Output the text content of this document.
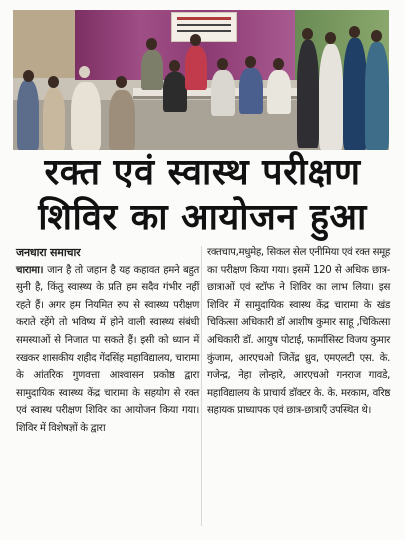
रक्त एवं स्वास्थ परीक्षण
शिविर का आयोजन हुआ
जनधारा समाचार
चारामा। जान है तो जहान है यह कहावत हमने बहुत सुनी है, किंतु स्वास्थ्य के प्रति हम सदैव गंभीर नहीं रहते हैं। अगर हम नियमित रुप से स्वास्थ्य परीक्षण कराते रहेंगे तो भविष्य में होने वाली स्वास्थ्य संबंधी समस्याओं से निजात पा सकते हैं। इसी को ध्यान में रखकर शासकीय शहीद गेंदसिंह महाविद्यालय, चारामा के आंतरिक गुणवत्ता आश्वासन प्रकोष्ठ द्वारा सामुदायिक स्वास्थ्य केंद्र चारामा के सहयोग से रक्त एवं स्वास्थ परीक्षण शिविर का आयोजन किया गया। शिविर में विशेषज्ञों के द्वारा
रक्तचाप,मधुमेह, सिकल सेल एनीमिया एवं रक्त समूह का परीक्षण किया गया। इसमें 120 से अधिक छात्र-छात्राओं एवं स्टॉफ ने शिविर का लाभ लिया। इस शिविर में सामुदायिक स्वास्थ केंद्र चारामा के खंड चिकित्सा अधिकारी डॉ आशीष कुमार साहू ,चिकित्सा अधिकारी डॉ. आयुष पोटाई, फार्मासिस्ट विजय कुमार कुंजाम, आरएचओ जितेंद्र ध्रुव, एमएलटी एस. के. गजेन्द्र, नेहा लोन्हारे, आरएचओ गनराज गावडे, महाविद्यालय के प्राचार्य डॉक्टर के. के. मरकाम, वरिष्ठ सहायक प्राध्यापक एवं छात्र-छात्राएँ उपस्थित थे।
